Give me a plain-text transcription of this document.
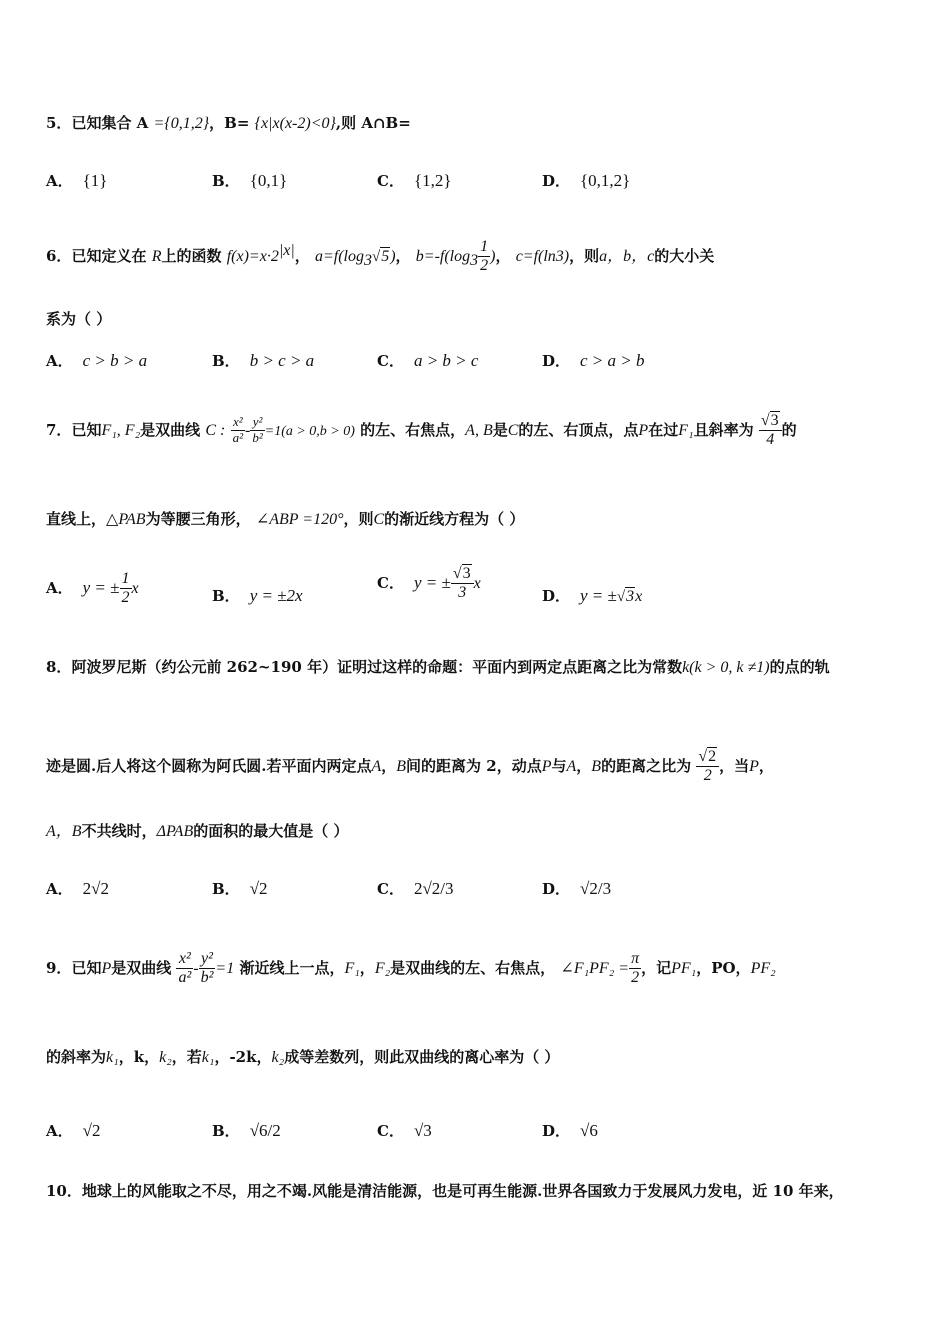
5．已知集合 A ={0,1,2}，B= {x|x(x-2)<0},则 A∩B=
A． {1}	B． {0,1}	C． {1,2}	D． {0,1,2}
6．已知定义在 R上的函数 $f(x)=x\cdot 2^{|x|}$， $a=f(\log_3√5)$， $b=-f(\log_3 \frac{1}{2}$ )， c=f(ln3)，则a，b，c的大小关
系为（ ）
A． c > b > a	B． b > c > a	C． a > b > c	D． c > a > b
7．已知F₁, F₂是双曲线 C : $\frac{\text{x²}}{\text{a²}} - \frac{\text{y²}}{\text{b²}} =1(a > 0,b > 0)$ 的左、右焦点，A, B是C的左、右顶点，点P在过F₁且斜率为 $\frac{√3}{4}$ 的
直线上，△PAB为等腰三角形， ∠ABP =120°，则C的渐近线方程为（ ）
A． y = ± $\frac{1}{2}$ x	B． y = ±2x
C． y = ± $\frac{√3}{3}$ x
D． y = ±√3x
8．阿波罗尼斯（约公元前 262~190 年）证明过这样的命题：平面内到两定点距离之比为常数k(k > 0, k ≠1)的点的轨
迹是圆.后人将这个圆称为阿氏圆.若平面内两定点A，B间的距离为 2，动点P与A，B的距离之比为 $\frac{√2}{2}$ ，当P，
A，B不共线时，ΔPAB的面积的最大值是（ ）
A． 2√2	B． √2	C． 2√2/3	D． √2/3
9．已知P是双曲线 $\frac{\text{x²}}{\text{a²}} - \frac{\text{y²}}{\text{b²}} =1$ 渐近线上一点，F₁，F₂是双曲线的左、右焦点， ∠F₁PF₂ = $\frac{\pi}{2}$ ，记PF₁，PO，PF₂
的斜率为k₁，k，k₂，若k₁，-2k，k₂成等差数列，则此双曲线的离心率为（ ）
A． √2	B． √6/2	C． √3	D． √6
10．地球上的风能取之不尽，用之不竭.风能是清洁能源，也是可再生能源.世界各国致力于发展风力发电，近 10 年来，
